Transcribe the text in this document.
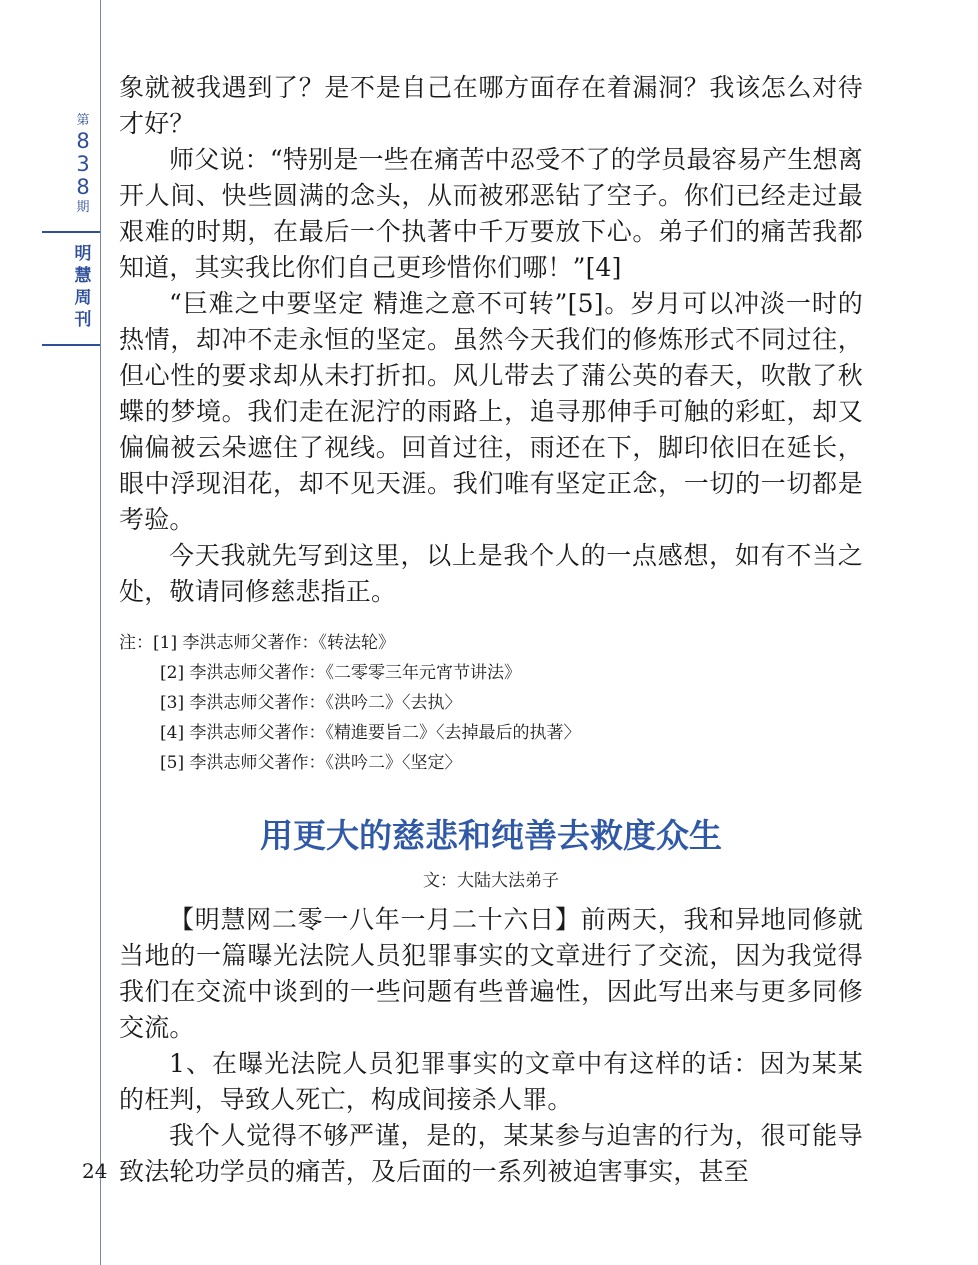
第
8
3
8
期
明
慧
周
刊
24

象就被我遇到了？是不是自己在哪方面存在着漏洞？我该怎么对待才好？

师父说：“特别是一些在痛苦中忍受不了的学员最容易产生想离开人间、快些圆满的念头，从而被邪恶钻了空子。你们已经走过最艰难的时期，在最后一个执著中千万要放下心。弟子们的痛苦我都知道，其实我比你们自己更珍惜你们哪！”[4]

“巨难之中要坚定 精進之意不可转”[5]。岁月可以冲淡一时的热情，却冲不走永恒的坚定。虽然今天我们的修炼形式不同过往，但心性的要求却从未打折扣。风儿带去了蒲公英的春天，吹散了秋蝶的梦境。我们走在泥泞的雨路上，追寻那伸手可触的彩虹，却又偏偏被云朵遮住了视线。回首过往，雨还在下，脚印依旧在延长，眼中浮现泪花，却不见天涯。我们唯有坚定正念，一切的一切都是考验。

今天我就先写到这里，以上是我个人的一点感想，如有不当之处，敬请同修慈悲指正。

注：[1] 李洪志师父著作：《转法轮》
[2] 李洪志师父著作：《二零零三年元宵节讲法》
[3] 李洪志师父著作：《洪吟二》〈去执〉
[4] 李洪志师父著作：《精進要旨二》〈去掉最后的执著〉
[5] 李洪志师父著作：《洪吟二》〈坚定〉
用更大的慈悲和纯善去救度众生
文：大陆大法弟子

【明慧网二零一八年一月二十六日】前两天，我和异地同修就当地的一篇曝光法院人员犯罪事实的文章进行了交流，因为我觉得我们在交流中谈到的一些问题有些普遍性，因此写出来与更多同修交流。

1、在曝光法院人员犯罪事实的文章中有这样的话：因为某某的枉判，导致人死亡，构成间接杀人罪。

我个人觉得不够严谨，是的，某某参与迫害的行为，很可能导致法轮功学员的痛苦，及后面的一系列被迫害事实，甚至
